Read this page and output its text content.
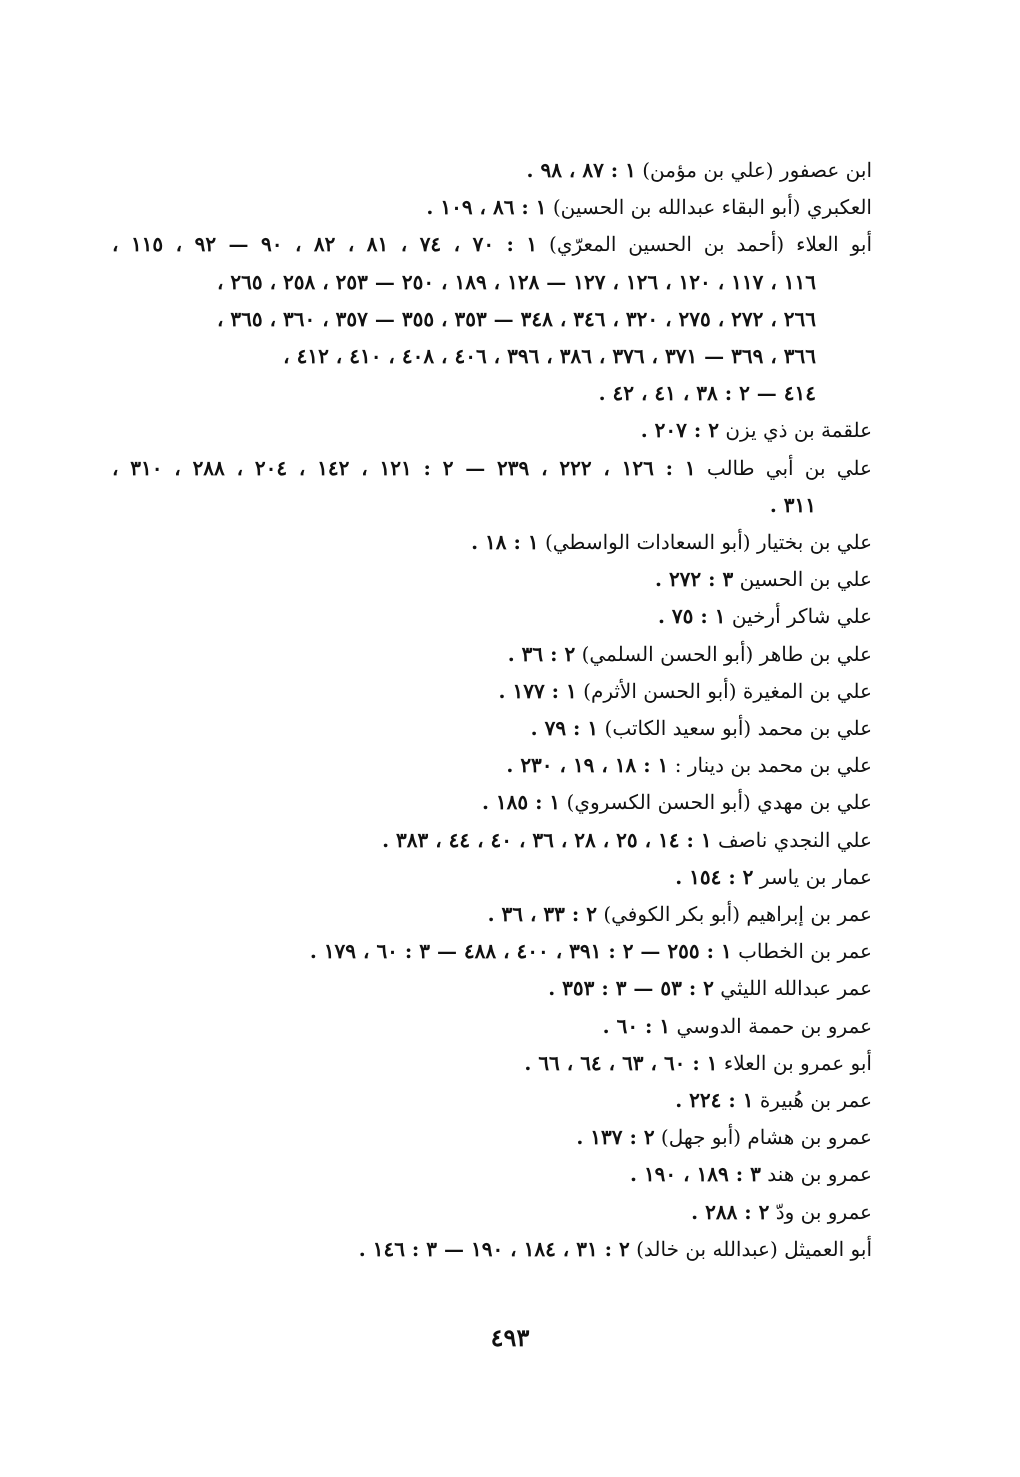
ابن عصفور (علي بن مؤمن) ١ : ٨٧ ، ٩٨ .
العكبري (أبو البقاء عبدالله بن الحسين) ١ : ٨٦ ، ١٠٩ .
أبو العلاء (أحمد بن الحسين المعرّي) ١ : ٧٠ ، ٧٤ ، ٨١ ، ٨٢ ، ٩٠ — ٩٢ ، ١١٥ ،
١١٦ ، ١١٧ ، ١٢٠ ، ١٢٦ ، ١٢٧ — ١٢٨ ، ١٨٩ ، ٢٥٠ — ٢٥٣ ، ٢٥٨ ، ٢٦٥ ،
٢٦٦ ، ٢٧٢ ، ٢٧٥ ، ٣٢٠ ، ٣٤٦ ، ٣٤٨ — ٣٥٣ ، ٣٥٥ — ٣٥٧ ، ٣٦٠ ، ٣٦٥ ،
٣٦٦ ، ٣٦٩ — ٣٧١ ، ٣٧٦ ، ٣٨٦ ، ٣٩٦ ، ٤٠٦ ، ٤٠٨ ، ٤١٠ ، ٤١٢ ،
٤١٤ — ٢ : ٣٨ ، ٤١ ، ٤٢ .
علقمة بن ذي يزن ٢ : ٢٠٧ .
علي بن أبي طالب ١ : ١٢٦ ، ٢٢٢ ، ٢٣٩ — ٢ : ١٢١ ، ١٤٢ ، ٢٠٤ ، ٢٨٨ ، ٣١٠ ،
٣١١ .
علي بن بختيار (أبو السعادات الواسطي) ١ : ١٨ .
علي بن الحسين ٣ : ٢٧٢ .
علي شاكر أرخين ١ : ٧٥ .
علي بن طاهر (أبو الحسن السلمي) ٢ : ٣٦ .
علي بن المغيرة (أبو الحسن الأثرم) ١ : ١٧٧ .
علي بن محمد (أبو سعيد الكاتب) ١ : ٧٩ .
علي بن محمد بن دينار : ١ : ١٨ ، ١٩ ، ٢٣٠ .
علي بن مهدي (أبو الحسن الكسروي) ١ : ١٨٥ .
علي النجدي ناصف ١ : ١٤ ، ٢٥ ، ٢٨ ، ٣٦ ، ٤٠ ، ٤٤ ، ٣٨٣ .
عمار بن ياسر ٢ : ١٥٤ .
عمر بن إبراهيم (أبو بكر الكوفي) ٢ : ٣٣ ، ٣٦ .
عمر بن الخطاب ١ : ٢٥٥ — ٢ : ٣٩١ ، ٤٠٠ ، ٤٨٨ — ٣ : ٦٠ ، ١٧٩ .
عمر عبدالله الليثي ٢ : ٥٣ — ٣ : ٣٥٣ .
عمرو بن حممة الدوسي ١ : ٦٠ .
أبو عمرو بن العلاء ١ : ٦٠ ، ٦٣ ، ٦٤ ، ٦٦ .
عمر بن هُبيرة ١ : ٢٢٤ .
عمرو بن هشام (أبو جهل) ٢ : ١٣٧ .
عمرو بن هند ٣ : ١٨٩ ، ١٩٠ .
عمرو بن ودّ ٢ : ٢٨٨ .
أبو العميثل (عبدالله بن خالد) ٢ : ٣١ ، ١٨٤ ، ١٩٠ — ٣ : ١٤٦ .
٤٩٣
